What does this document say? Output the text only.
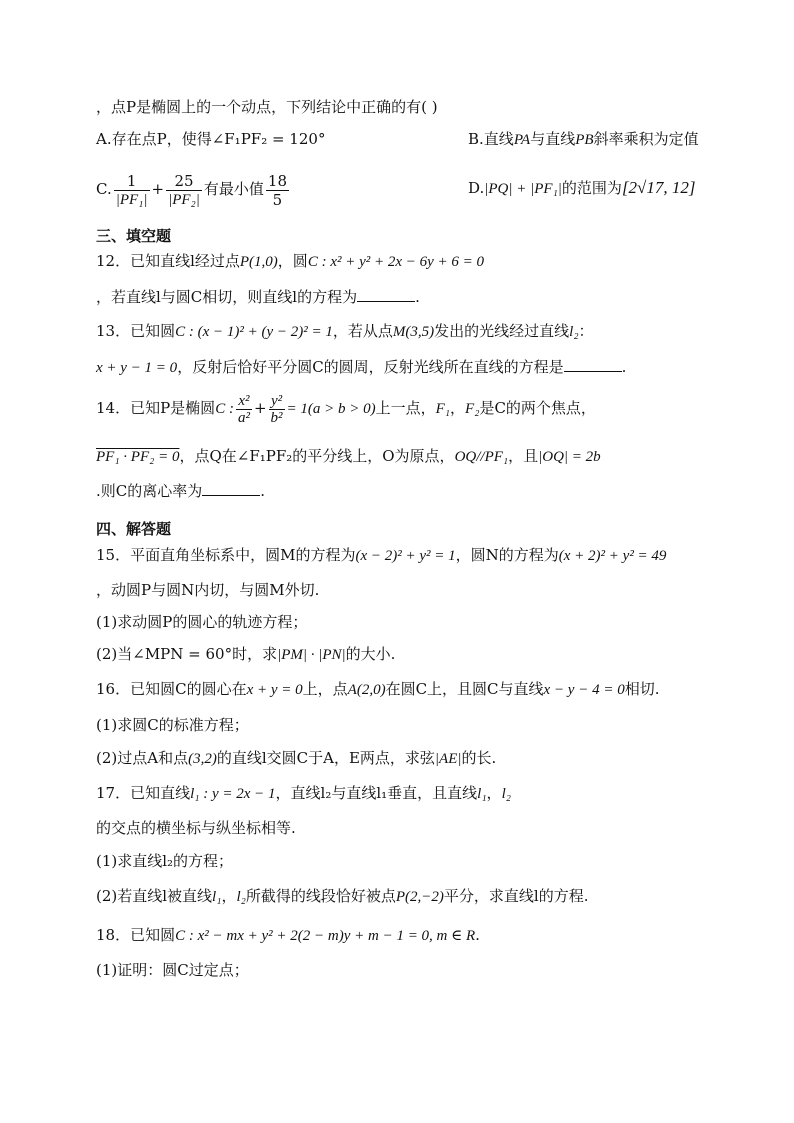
，点P是椭圆上的一个动点，下列结论中正确的有( )
A.存在点P，使得∠F₁PF₂ = 120°	B.直线PA与直线PB斜率乘积为定值
C. $\frac{1}{\text{|PF₁|}} + \frac{25}{\text{|PF₂|}}$ 有最小值 $\frac{18}{5}$	D.|PQ| + |PF₁|的范围为[2√17, 12]
三、填空题
12．已知直线l经过点P(1,0)，圆C : x² + y² + 2x − 6y + 6 = 0
，若直线l与圆C相切，则直线l的方程为	.
13．已知圆C : (x − 1)² + (y − 2)² = 1，若从点M(3,5)发出的光线经过直线l₂：
x + y − 1 = 0，反射后恰好平分圆C的圆周，反射光线所在直线的方程是	.
14．已知P是椭圆C : $\frac{\text{x²}}{\text{a²}} + \frac{\text{y²}}{\text{b²}} = 1(a > b > 0)$上一点，F₁，F₂是C的两个焦点，
PF₁ · PF₂ = 0，点Q在∠F₁PF₂的平分线上，O为原点，OQ//PF₁，且|OQ| = 2b
.则C的离心率为	.
四、解答题
15．平面直角坐标系中，圆M的方程为(x − 2)² + y² = 1，圆N的方程为(x + 2)² + y² = 49
，动圆P与圆N内切，与圆M外切.
(1)求动圆P的圆心的轨迹方程；
(2)当∠MPN = 60°时，求|PM| · |PN|的大小.
16．已知圆C的圆心在x + y = 0上，点A(2,0)在圆C上，且圆C与直线x − y − 4 = 0相切.
(1)求圆C的标准方程；
(2)过点A和点(3,2)的直线l交圆C于A，E两点，求弦|AE|的长.
17．已知直线l₁ : y = 2x − 1，直线l₂与直线l₁垂直，且直线l₁，l₂
的交点的横坐标与纵坐标相等.
(1)求直线l₂的方程；
(2)若直线l被直线l₁，l₂所截得的线段恰好被点P(2,−2)平分，求直线l的方程.
18．已知圆C : x² − mx + y² + 2(2 − m)y + m − 1 = 0, m ∈ R.
(1)证明：圆C过定点；
